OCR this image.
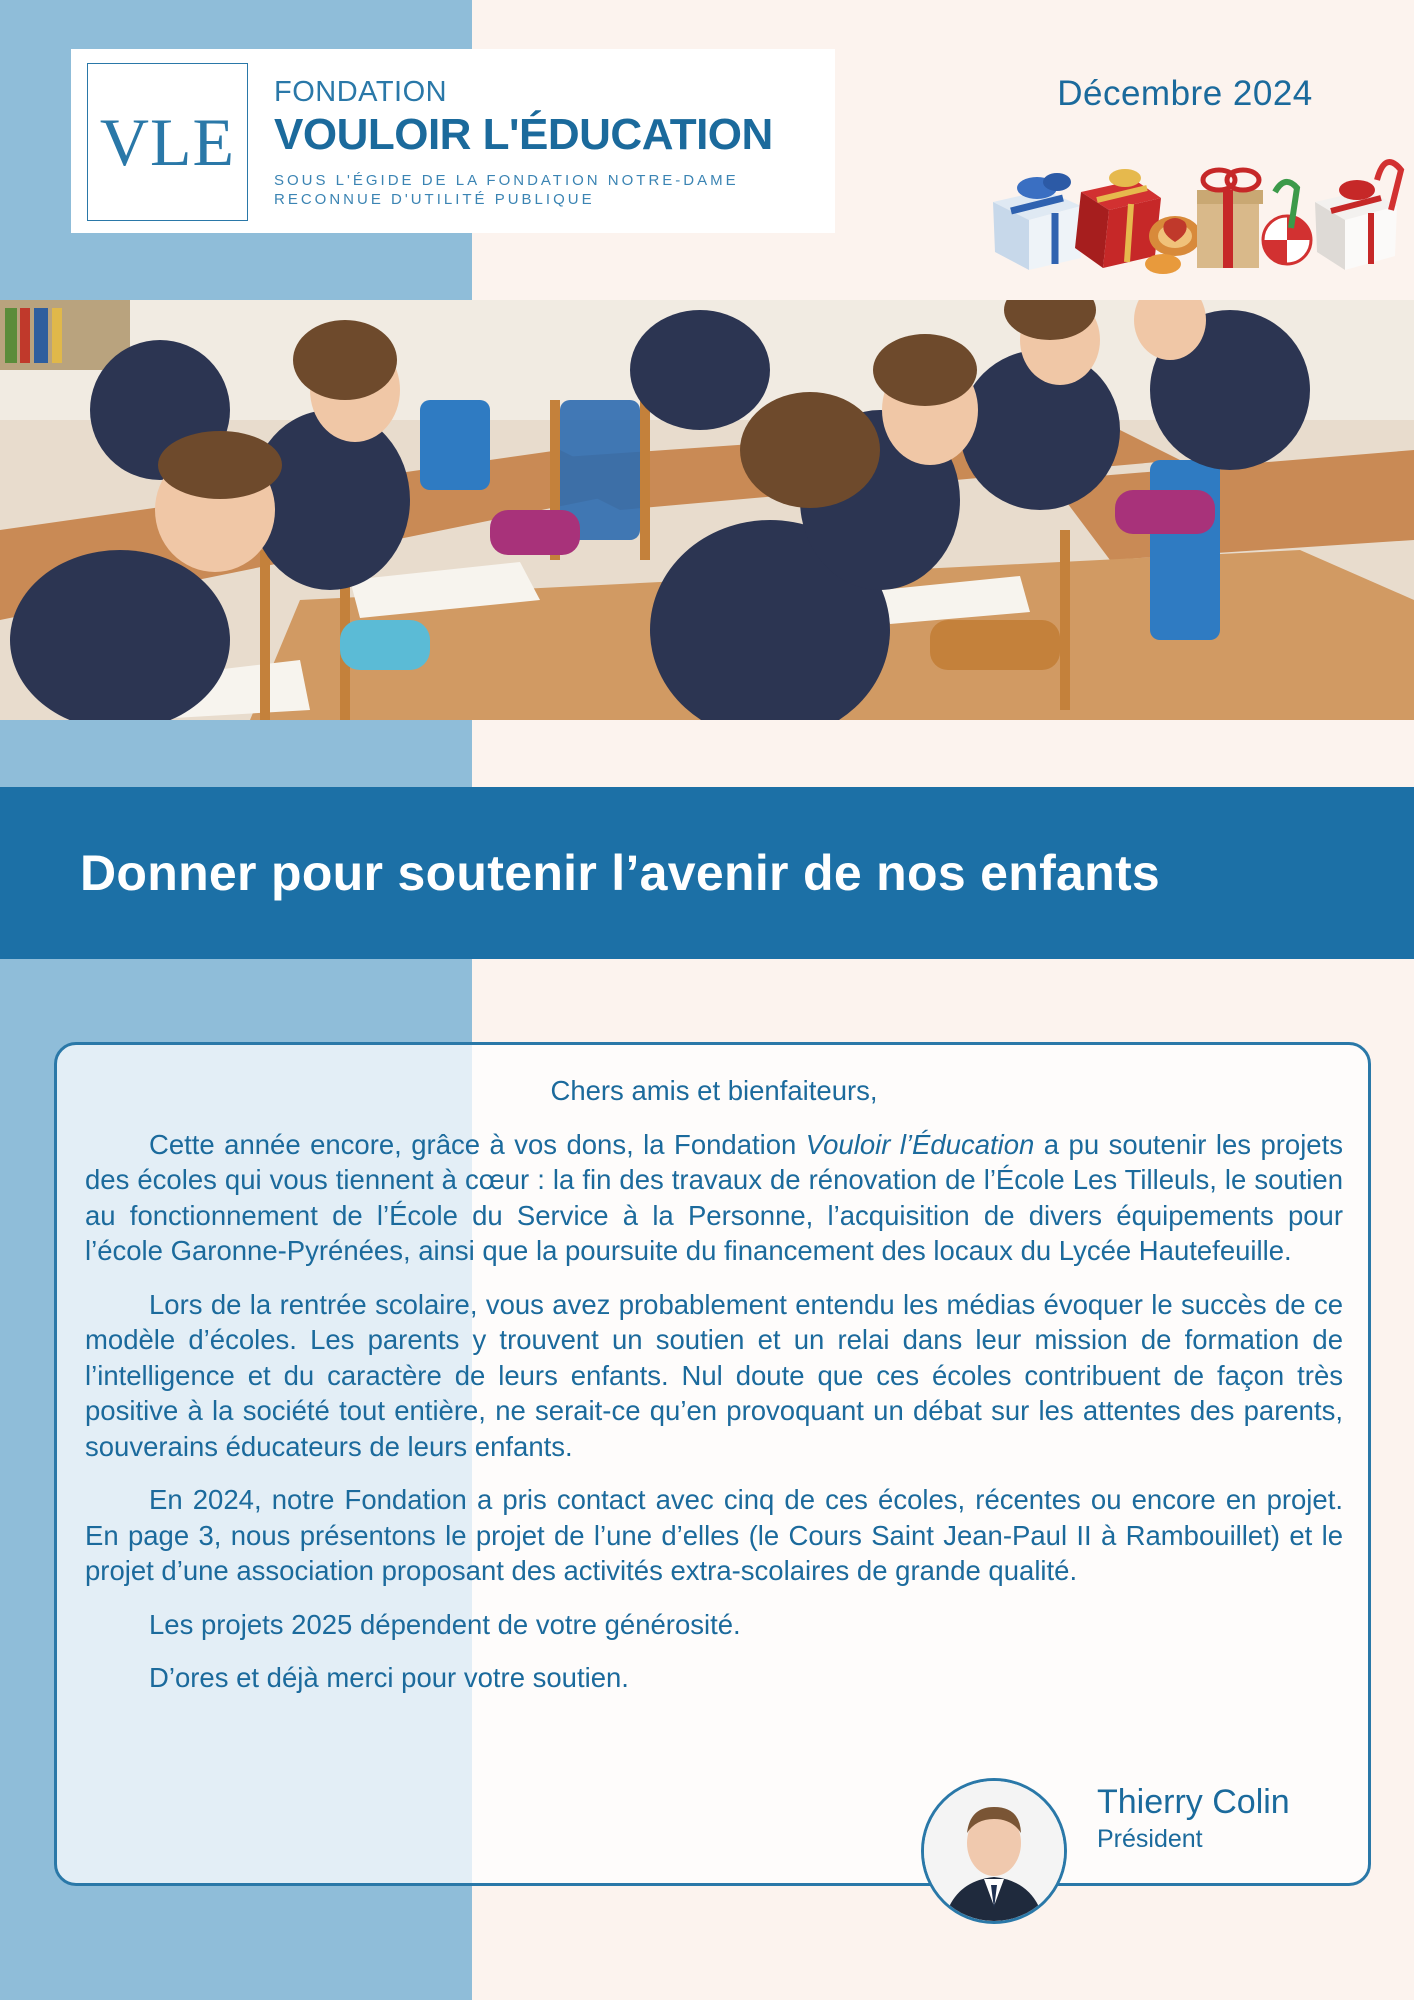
VLE
FONDATION
VOULOIR L'ÉDUCATION
SOUS L'ÉGIDE DE LA FONDATION NOTRE-DAME
RECONNUE D'UTILITÉ PUBLIQUE
Décembre 2024
Donner pour soutenir l’avenir de nos enfants

Chers amis et bienfaiteurs,

Cette année encore, grâce à vos dons, la Fondation Vouloir l’Éducation a pu soutenir les projets des écoles qui vous tiennent à cœur : la fin des travaux de rénovation de l’École Les Tilleuls, le soutien au fonctionnement de l’École du Service à la Personne, l’acquisition de divers équipements pour l’école Garonne-Pyrénées, ainsi que la poursuite du financement des locaux du Lycée Hautefeuille.

Lors de la rentrée scolaire, vous avez probablement entendu les médias évoquer le succès de ce modèle d’écoles. Les parents y trouvent un soutien et un relai dans leur mission de formation de l’intelligence et du caractère de leurs enfants. Nul doute que ces écoles contribuent de façon très positive à la société tout entière, ne serait-ce qu’en provoquant un débat sur les attentes des parents, souverains éducateurs de leurs enfants.

En 2024, notre Fondation a pris contact avec cinq de ces écoles, récentes ou encore en projet. En page 3, nous présentons le projet de l’une d’elles (le Cours Saint Jean-Paul II à Rambouillet) et le projet d’une association proposant des activités extra-scolaires de grande qualité.

Les projets 2025 dépendent de votre générosité.

D’ores et déjà merci pour votre soutien.

Thierry Colin
Président
